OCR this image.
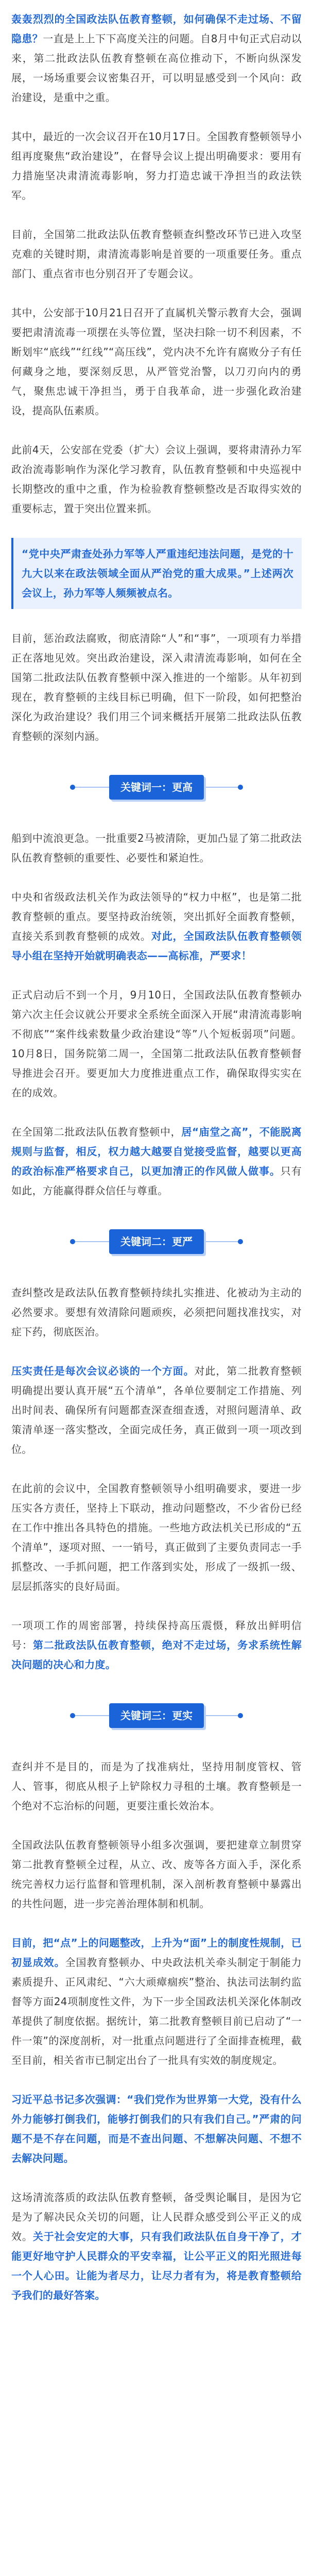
轰轰烈烈的全国政法队伍教育整顿，如何确保不走过场、不留隐患？一直是上上下下高度关注的问题。自8月中旬正式启动以来，第二批政法队伍教育整顿在高位推动下，不断向纵深发展，一场场重要会议密集召开，可以明显感受到一个风向：政治建设，是重中之重。

其中，最近的一次会议召开在10月17日。全国教育整顿领导小组再度聚焦“政治建设”，在督导会议上提出明确要求：要用有力措施坚决肃清流毒影响，努力打造忠诚干净担当的政法铁军。

目前，全国第二批政法队伍教育整顿查纠整改环节已进入攻坚克难的关键时期，肃清流毒影响是首要的一项重要任务。重点部门、重点省市也分别召开了专题会议。

其中，公安部于10月21日召开了直属机关警示教育大会，强调要把肃清流毒一项摆在头等位置，坚决扫除一切不利因素，不断划牢“底线”“红线”“高压线”，党内决不允许有腐败分子有任何藏身之地，要深刻反思，从严管党治警，以刀刃向内的勇气，聚焦忠诚干净担当，勇于自我革命，进一步强化政治建设，提高队伍素质。

此前4天，公安部在党委（扩大）会议上强调，要将肃清孙力军政治流毒影响作为深化学习教育，队伍教育整顿和中央巡视中长期整改的重中之重，作为检验教育整顿整改是否取得实效的重要标志，置于突出位置来抓。

“党中央严肃查处孙力军等人严重违纪违法问题，是党的十九大以来在政法领域全面从严治党的重大成果。”上述两次会议上，孙力军等人频频被点名。

目前，惩治政法腐败，彻底清除“人”和“事”，一项项有力举措正在落地见效。突出政治建设，深入肃清流毒影响，如何在全国第二批政法队伍教育整顿中深入推进的一个缩影。从年初到现在，教育整顿的主线目标已明确，但下一阶段，如何把整治深化为政治建设？我们用三个词来概括开展第二批政法队伍教育整顿的深刻内涵。

关键词一：更高

船到中流浪更急。一批重要2马被清除，更加凸显了第二批政法队伍教育整顿的重要性、必要性和紧迫性。

中央和省级政法机关作为政法领导的“权力中枢”，也是第二批教育整顿的重点。要坚持政治统领，突出抓好全面教育整顿，直接关系到教育整顿的成效。对此，全国政法队伍教育整顿领导小组在坚持开始就明确表态——高标准，严要求！

正式启动后不到一个月，9月10日，全国政法队伍教育整顿办第六次主任会议就公开要求全系统全面深入开展“肃清流毒影响不彻底”“案件线索数量少政治建设“等”八个短板弱项”问题。10月8日，国务院第二周一，全国第二批政法队伍教育整顿督导推进会召开。要更加大力度推进重点工作，确保取得实实在在的成效。

在全国第二批政法队伍教育整顿中，居“庙堂之高”，不能脱离规则与监督，相反，权力越大越要自觉接受监督，越要以更高的政治标准严格要求自己，以更加清正的作风做人做事。只有如此，方能赢得群众信任与尊重。

关键词二：更严

查纠整改是政法队伍教育整顿持续扎实推进、化被动为主动的必然要求。要想有效清除问题顽疾，必须把问题找准找实，对症下药，彻底医治。

压实责任是每次会议必谈的一个方面。对此，第二批教育整顿明确提出要认真开展“五个清单”，各单位要制定工作措施、列出时间表、确保所有问题都查深查细查透，对照问题清单、政策清单逐一落实整改，全面完成任务，真正做到一项一项改到位。

在此前的会议中，全国教育整顿领导小组明确要求，要进一步压实各方责任，坚持上下联动，推动问题整改，不少省份已经在工作中推出各具特色的措施。一些地方政法机关已形成的“五个清单”，逐项对照、一一销号，真正做到了主要负责同志一手抓整改、一手抓问题，把工作落到实处，形成了一级抓一级、层层抓落实的良好局面。

一项项工作的周密部署，持续保持高压震慑，释放出鲜明信号：第二批政法队伍教育整顿，绝对不走过场，务求系统性解决问题的决心和力度。

关键词三：更实

查纠并不是目的，而是为了找准病灶，坚持用制度管权、管人、管事，彻底从根子上铲除权力寻租的土壤。教育整顿是一个绝对不忘治标的问题，更要注重长效治本。

全国政法队伍教育整顿领导小组多次强调，要把建章立制贯穿第二批教育整顿全过程，从立、改、废等各方面入手，深化系统完善权力运行监督和管理机制，深入剖析教育整顿中暴露出的共性问题，进一步完善治理体制和机制。

目前，把“点”上的问题整改，上升为“面”上的制度性规制，已初显成效。全国教育整顿办、中央政法机关牵头制定于制能力素质提升、正风肃纪、“六大顽瘴痼疾”整治、执法司法制约监督等方面24项制度性文件，为下一步全国政法机关深化体制改革提供了制度依据。据统计，第二批教育整顿目前已启动了“一件一策”的深度剖析，对一批重点问题进行了全面排查梳理，截至目前，相关省市已制定出台了一批具有实效的制度规定。

习近平总书记多次强调：“我们党作为世界第一大党，没有什么外力能够打倒我们，能够打倒我们的只有我们自己。”严肃的问题不是不存在问题，而是不查出问题、不想解决问题、不想不去解决问题。

这场清流落质的政法队伍教育整顿，备受舆论瞩目，是因为它是为了解决民众关切的问题，让人民群众感受到公平正义的成效。关于社会安定的大事，只有我们政法队伍自身干净了，才能更好地守护人民群众的平安幸福，让公平正义的阳光照进每一个人心田。让能为者尽力，让尽力者有为，将是教育整顿给予我们的最好答案。
